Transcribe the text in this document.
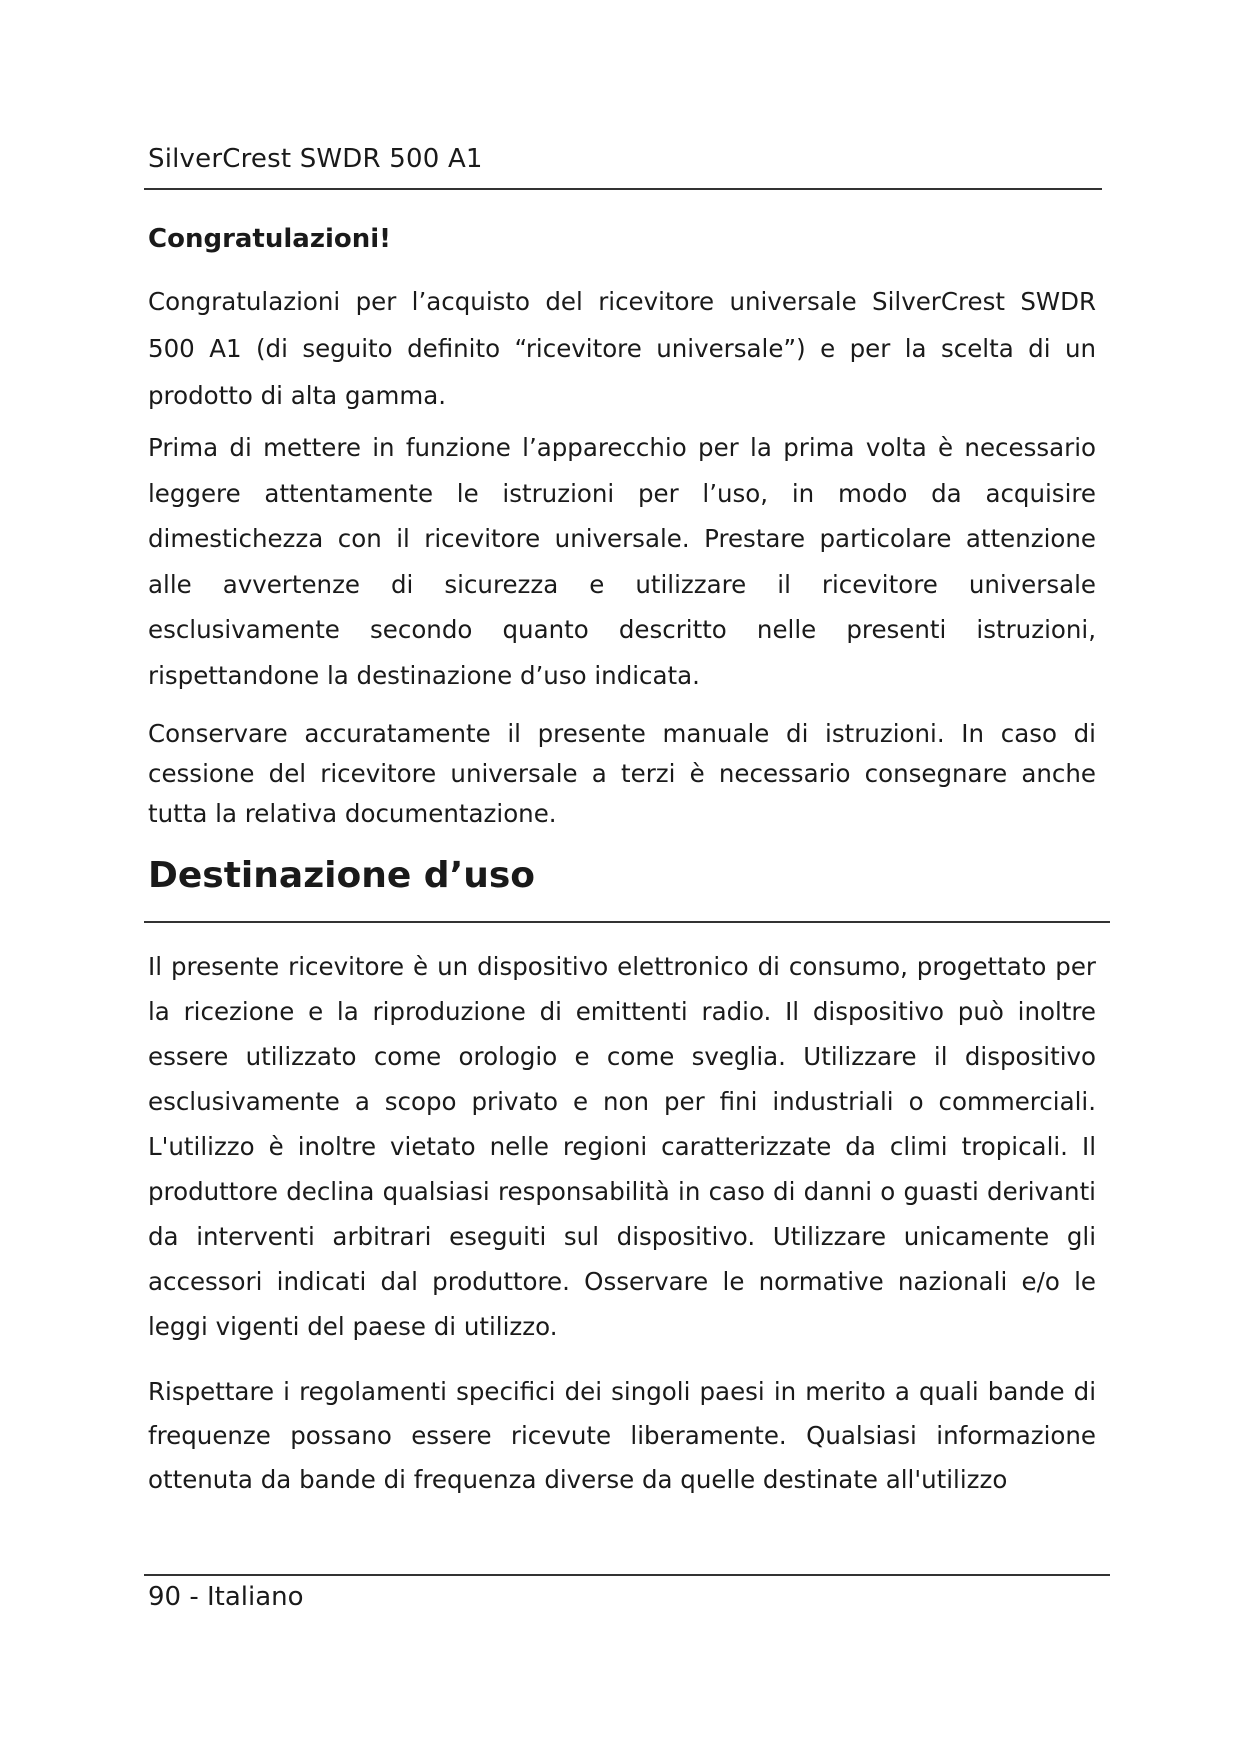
SilverCrest SWDR 500 A1
Congratulazioni!
Congratulazioni per l’acquisto del ricevitore universale SilverCrest SWDR 500 A1 (di seguito definito “ricevitore universale”) e per la scelta di un prodotto di alta gamma.
Prima di mettere in funzione l’apparecchio per la prima volta è necessario leggere attentamente le istruzioni per l’uso, in modo da acquisire dimestichezza con il ricevitore universale. Prestare particolare attenzione alle avvertenze di sicurezza e utilizzare il ricevitore universale esclusivamente secondo quanto descritto nelle presenti istruzioni, rispettandone la destinazione d’uso indicata.
Conservare accuratamente il presente manuale di istruzioni. In caso di cessione del ricevitore universale a terzi è necessario consegnare anche tutta la relativa documentazione.
Destinazione d’uso
Il presente ricevitore è un dispositivo elettronico di consumo, progettato per la ricezione e la riproduzione di emittenti radio. Il dispositivo può inoltre essere utilizzato come orologio e come sveglia. Utilizzare il dispositivo esclusivamente a scopo privato e non per fini industriali o commerciali. L'utilizzo è inoltre vietato nelle regioni caratterizzate da climi tropicali. Il produttore declina qualsiasi responsabilità in caso di danni o guasti derivanti da interventi arbitrari eseguiti sul dispositivo. Utilizzare unicamente gli accessori indicati dal produttore. Osservare le normative nazionali e/o le leggi vigenti del paese di utilizzo.
Rispettare i regolamenti specifici dei singoli paesi in merito a quali bande di frequenze possano essere ricevute liberamente. Qualsiasi informazione ottenuta da bande di frequenza diverse da quelle destinate all'utilizzo
90 - Italiano
